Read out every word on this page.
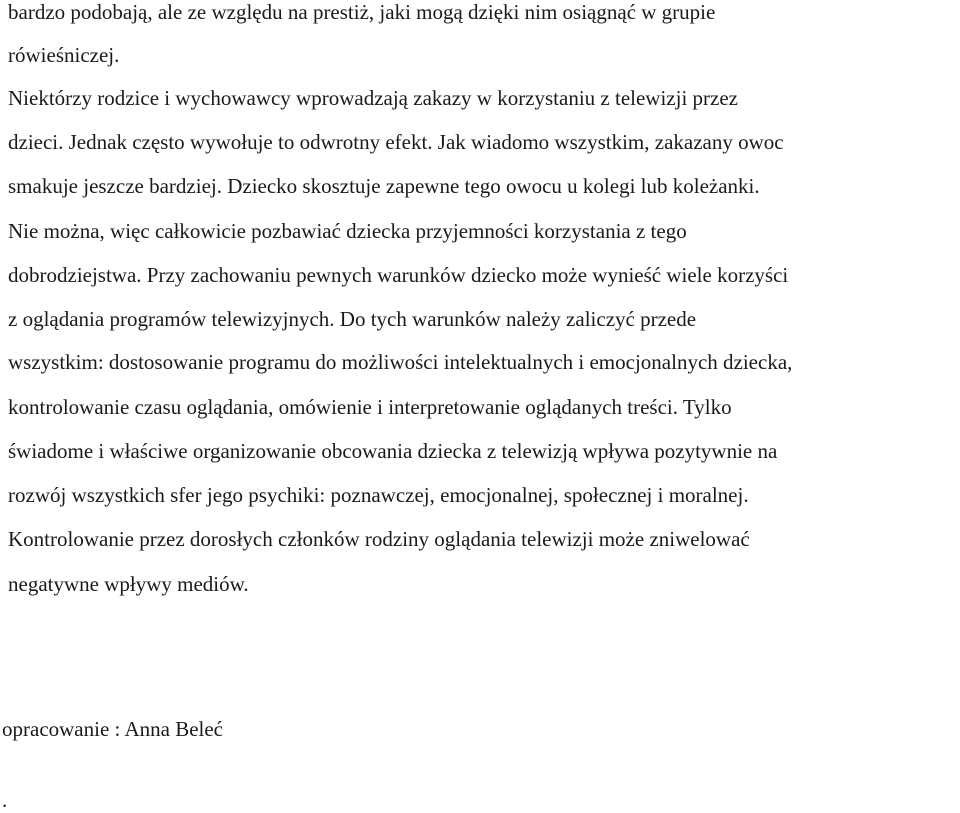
bardzo podobają, ale ze względu na prestiż, jaki mogą dzięki nim osiągnąć w grupie
rówieśniczej.
Niektórzy rodzice i wychowawcy wprowadzają zakazy w korzystaniu z telewizji przez
dzieci. Jednak często wywołuje to odwrotny efekt. Jak wiadomo wszystkim, zakazany owoc
smakuje jeszcze bardziej. Dziecko skosztuje zapewne tego owocu u kolegi lub koleżanki.
Nie można, więc całkowicie pozbawiać dziecka przyjemności korzystania z tego
dobrodziejstwa. Przy zachowaniu pewnych warunków dziecko może wynieść wiele korzyści
z oglądania programów telewizyjnych. Do tych warunków należy zaliczyć przede
wszystkim: dostosowanie programu do możliwości intelektualnych i emocjonalnych dziecka,
kontrolowanie czasu oglądania, omówienie i interpretowanie oglądanych treści. Tylko
świadome i właściwe organizowanie obcowania dziecka z telewizją wpływa pozytywnie na
rozwój wszystkich sfer jego psychiki: poznawczej, emocjonalnej, społecznej i moralnej.
Kontrolowanie przez dorosłych członków rodziny oglądania telewizji może zniwelować
negatywne wpływy mediów.
opracowanie : Anna Beleć
.
